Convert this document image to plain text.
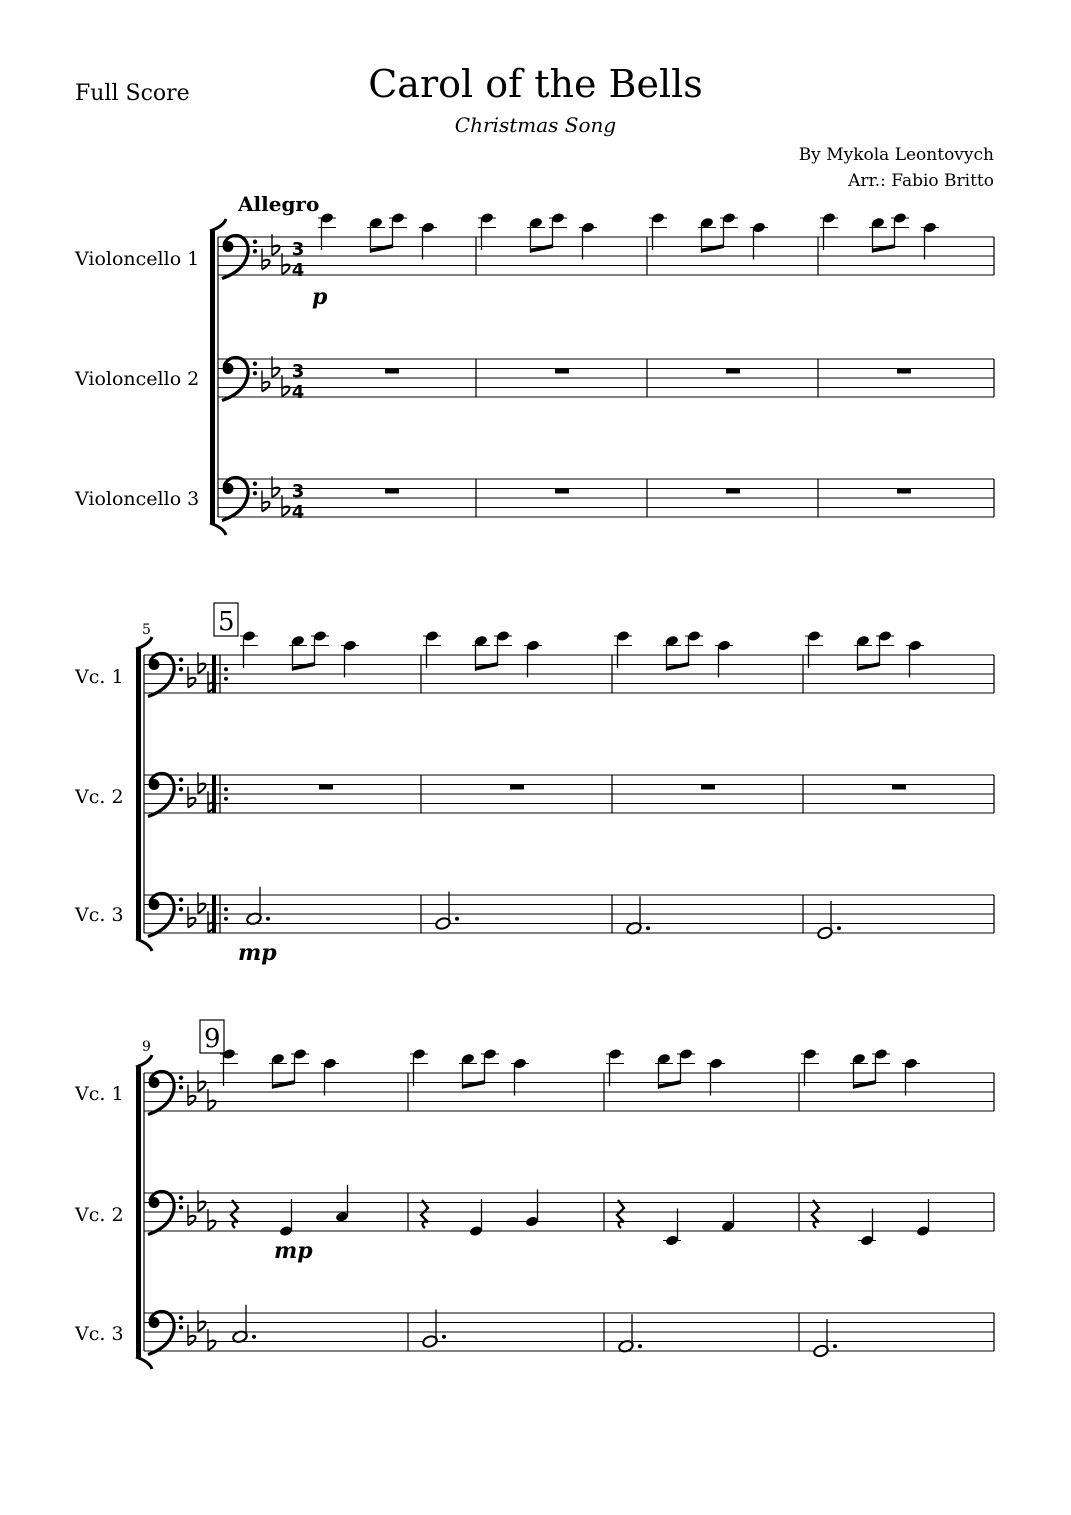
Full Score	Carol of the Bells
Christmas Song
By Mykola Leontovych
Arr.: Fabio Britto
Allegro
Violoncello 1
Violoncello 2
Violoncello 3
p
5	5
Vc. 1
Vc. 2
Vc. 3
mp
9 9
Vc. 1
Vc. 2
Vc. 3
mp
3
4
3
4
3
4
